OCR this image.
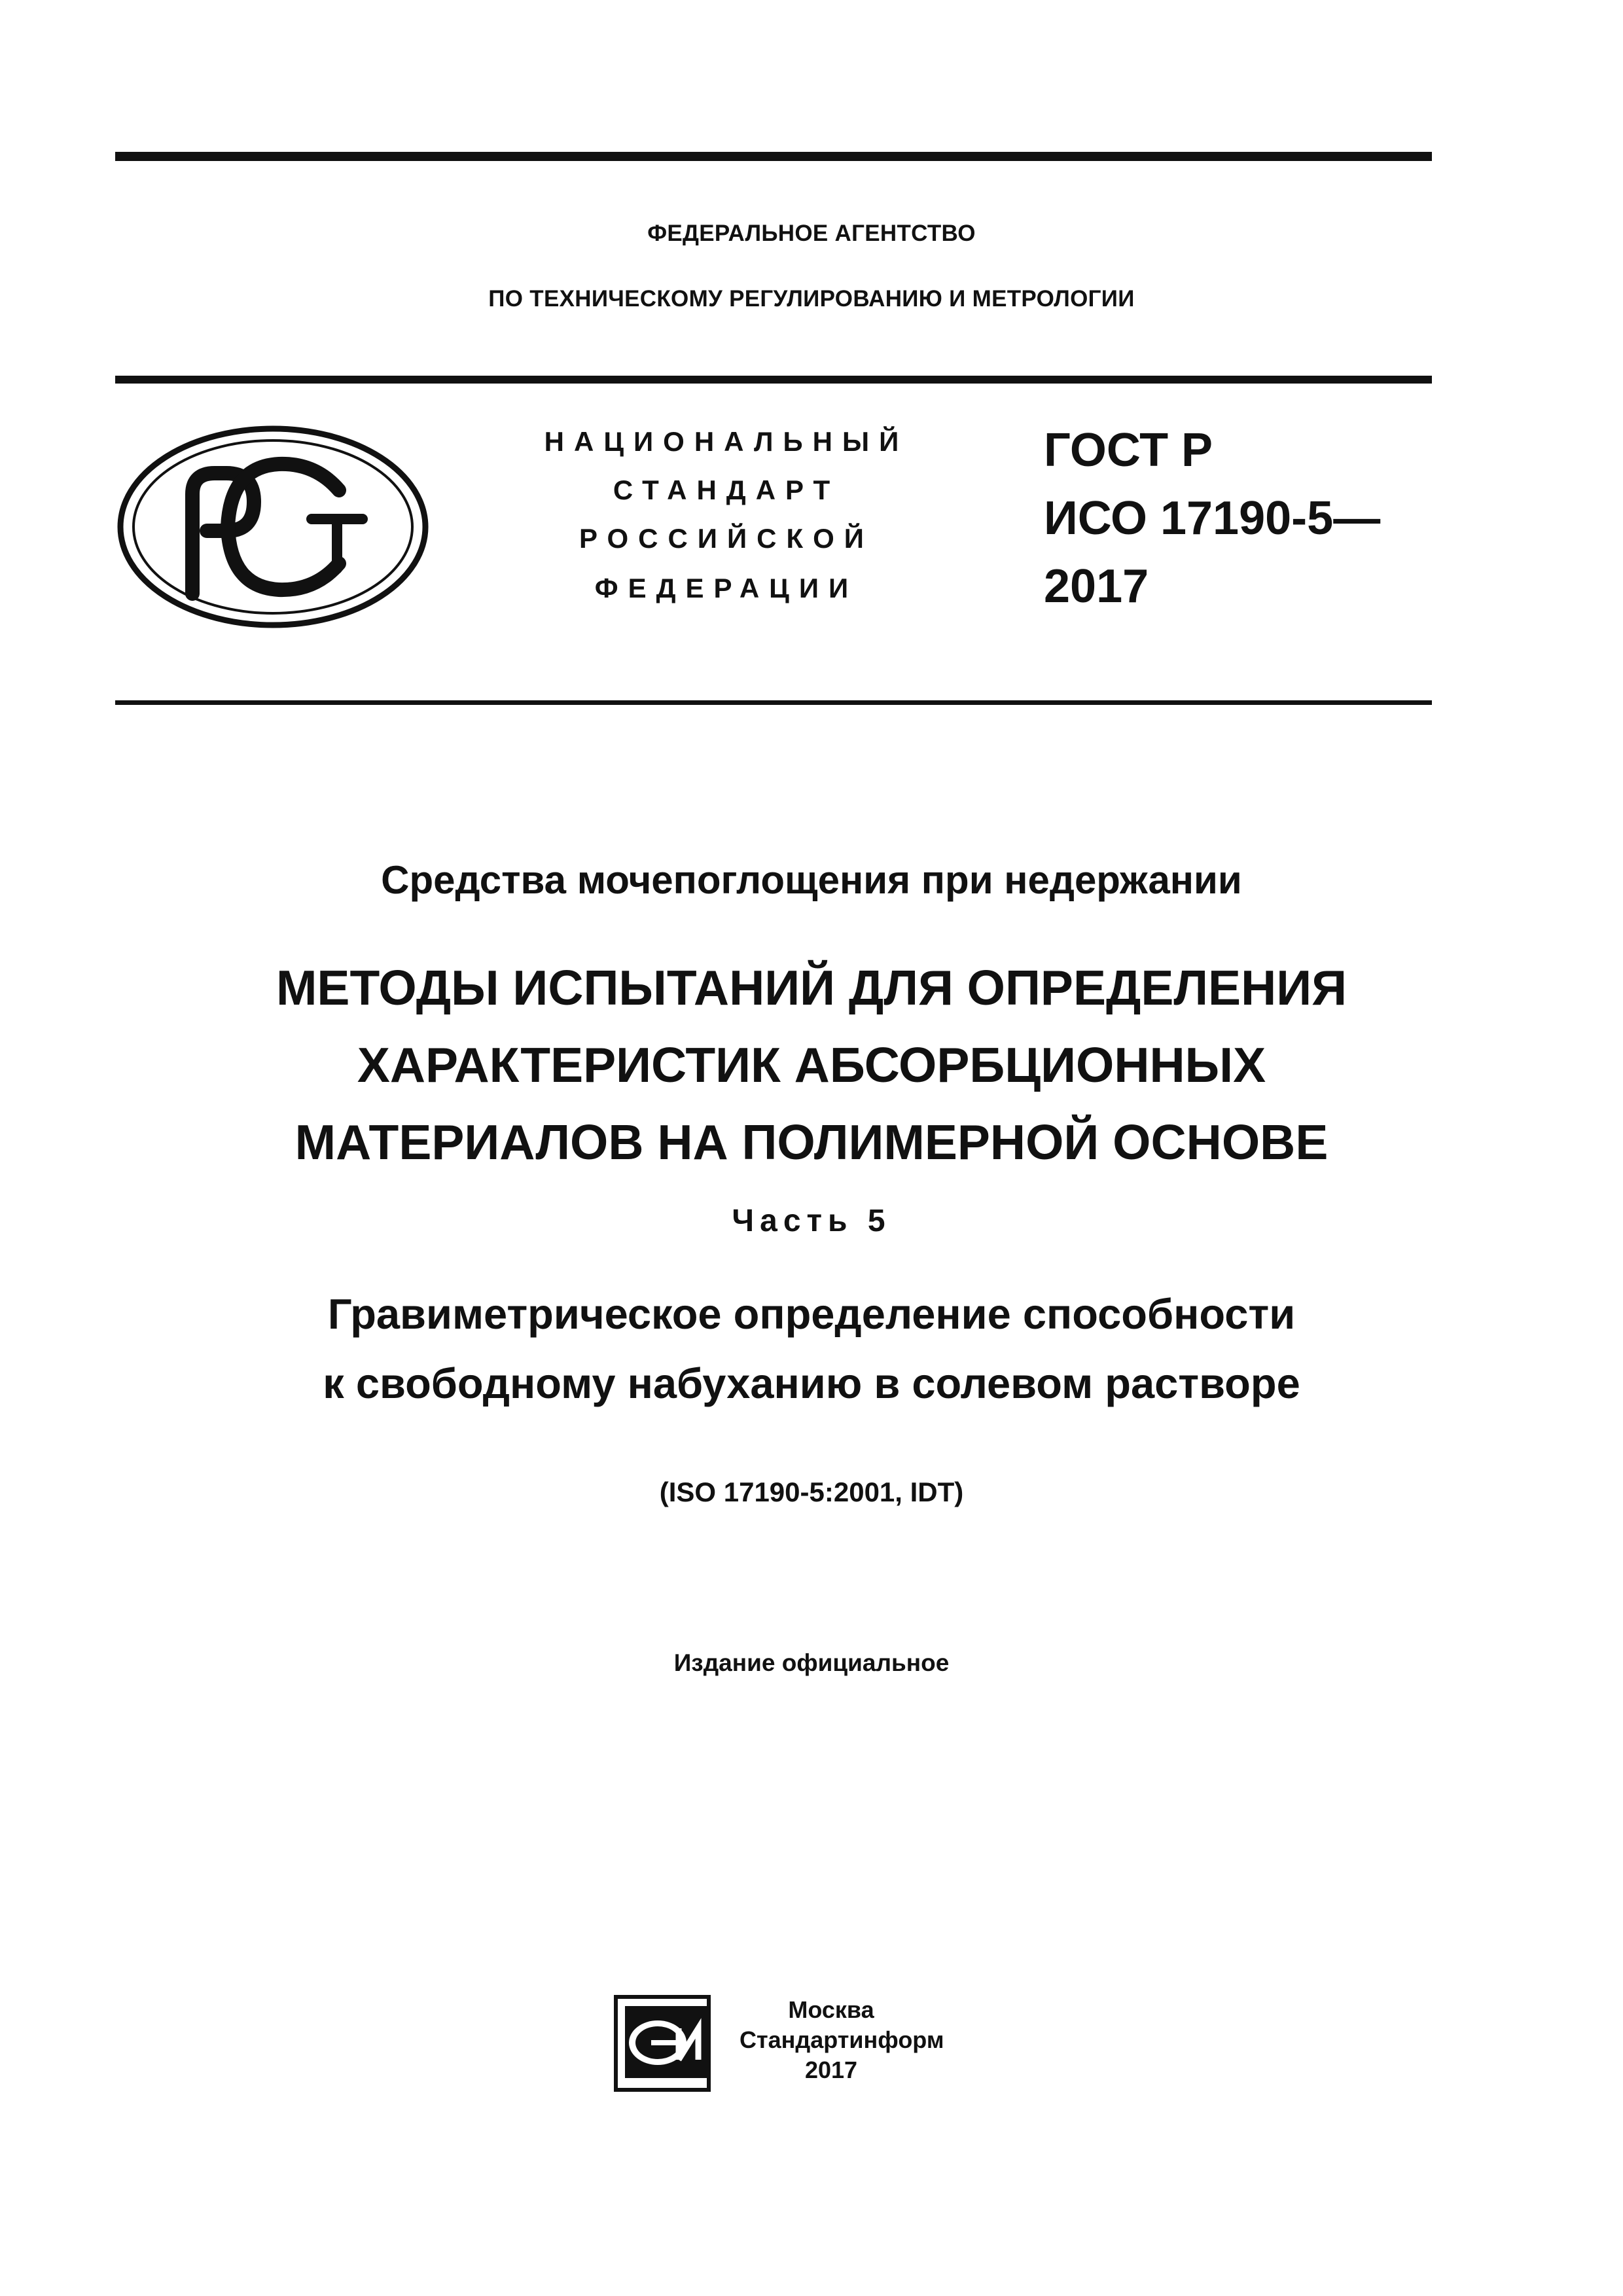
ФЕДЕРАЛЬНОЕ АГЕНТСТВО
ПО ТЕХНИЧЕСКОМУ РЕГУЛИРОВАНИЮ И МЕТРОЛОГИИ
НАЦИОНАЛЬНЫЙ
СТАНДАРТ
РОССИЙСКОЙ
ФЕДЕРАЦИИ
ГОСТ Р
ИСО 17190-5—
2017
Средства мочепоглощения при недержании
МЕТОДЫ ИСПЫТАНИЙ ДЛЯ ОПРЕДЕЛЕНИЯ
ХАРАКТЕРИСТИК АБСОРБЦИОННЫХ
МАТЕРИАЛОВ НА ПОЛИМЕРНОЙ ОСНОВЕ
Часть 5
Гравиметрическое определение способности
к свободному набуханию в солевом растворе
(ISO 17190-5:2001, IDT)
Издание официальное
Москва
Стандартинформ
2017
